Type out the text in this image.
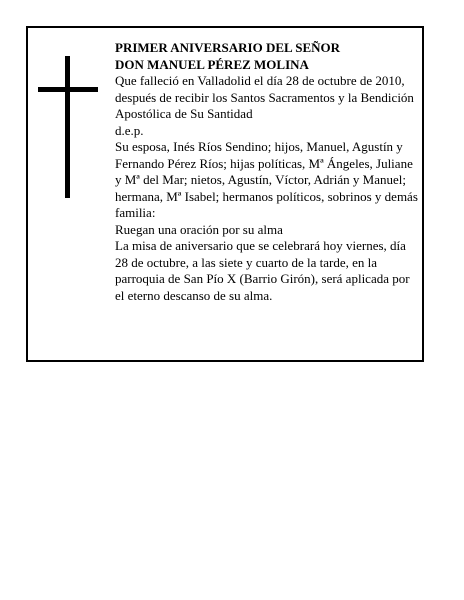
PRIMER ANIVERSARIO DEL SEÑOR

DON MANUEL PÉREZ MOLINA

Que falleció en Valladolid el día 28 de octubre de 2010, después de recibir los Santos Sacramentos y la Bendición Apostólica de Su Santidad

d.e.p.

Su esposa, Inés Ríos Sendino; hijos, Manuel, Agustín y Fernando Pérez Ríos; hijas políticas, Mª Ángeles, Juliane y Mª del Mar; nietos, Agustín, Víctor, Adrián y Manuel; hermana, Mª Isabel; hermanos políticos, sobrinos y demás familia:

Ruegan una oración por su alma

La misa de aniversario que se celebrará hoy viernes, día 28 de octubre, a las siete y cuarto de la tarde, en la parroquia de San Pío X (Barrio Girón), será aplicada por el eterno descanso de su alma.
